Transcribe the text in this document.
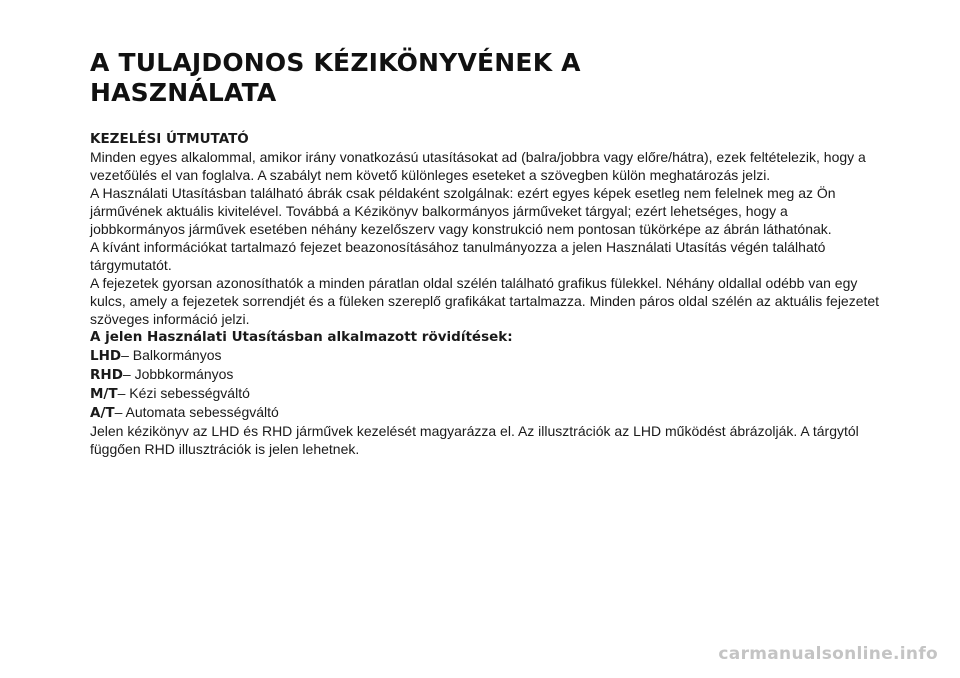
A TULAJDONOS KÉZIKÖNYVÉNEK A
HASZNÁLATA

KEZELÉSI ÚTMUTATÓ

Minden egyes alkalommal, amikor irány vonatkozású utasításokat ad (balra/jobbra vagy előre/hátra), ezek feltételezik, hogy a vezetőülés el van foglalva. A szabályt nem követő különleges eseteket a szövegben külön meghatározás jelzi.

A Használati Utasításban található ábrák csak példaként szolgálnak: ezért egyes képek esetleg nem felelnek meg az Ön járművének aktuális kivitelével. Továbbá a Kézikönyv balkormányos járműveket tárgyal; ezért lehetséges, hogy a jobbkormányos járművek esetében néhány kezelőszerv vagy konstrukció nem pontosan tükörképe az ábrán láthatónak.

A kívánt információkat tartalmazó fejezet beazonosításához tanulmányozza a jelen Használati Utasítás végén található tárgymutatót.

A fejezetek gyorsan azonosíthatók a minden páratlan oldal szélén található grafikus fülekkel. Néhány oldallal odébb van egy kulcs, amely a fejezetek sorrendjét és a füleken szereplő grafikákat tartalmazza. Minden páros oldal szélén az aktuális fejezetet szöveges információ jelzi.

A jelen Használati Utasításban alkalmazott rövidítések:

LHD– Balkormányos

RHD– Jobbkormányos

M/T– Kézi sebességváltó

A/T– Automata sebességváltó

Jelen kézikönyv az LHD és RHD járművek kezelését magyarázza el. Az illusztrációk az LHD működést ábrázolják. A tárgytól függően RHD illusztrációk is jelen lehetnek.

carmanualsonline.info
